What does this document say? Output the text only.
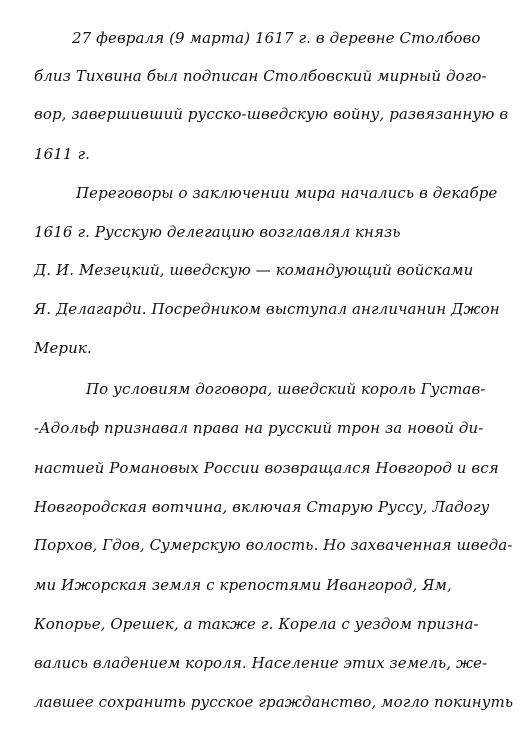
27 февраля (9 марта) 1617 г. в деревне Столбово
близ Тихвина был подписан Столбовский мирный дого-
вор, завершивший русско-шведскую войну, развязанную в
1611 г.
Переговоры о заключении мира начались в декабре
1616 г. Русскую делегацию возглавлял князь
Д. И. Мезецкий, шведскую — командующий войсками
Я. Делагарди. Посредником выступал англичанин Джон
Мерик.
По условиям договора, шведский король Густав-
-Адольф признавал права на русский трон за новой ди-
настией Романовых России возвращался Новгород и вся
Новгородская вотчина, включая Старую Руссу, Ладогу
Порхов, Гдов, Сумерскую волость. Но захваченная шведа-
ми Ижорская земля с крепостями Ивангород, Ям,
Копорье, Орешек, а также г. Корела с уездом призна-
вались владением короля. Население этих земель, же-
лавшее сохранить русское гражданство, могло покинуть
